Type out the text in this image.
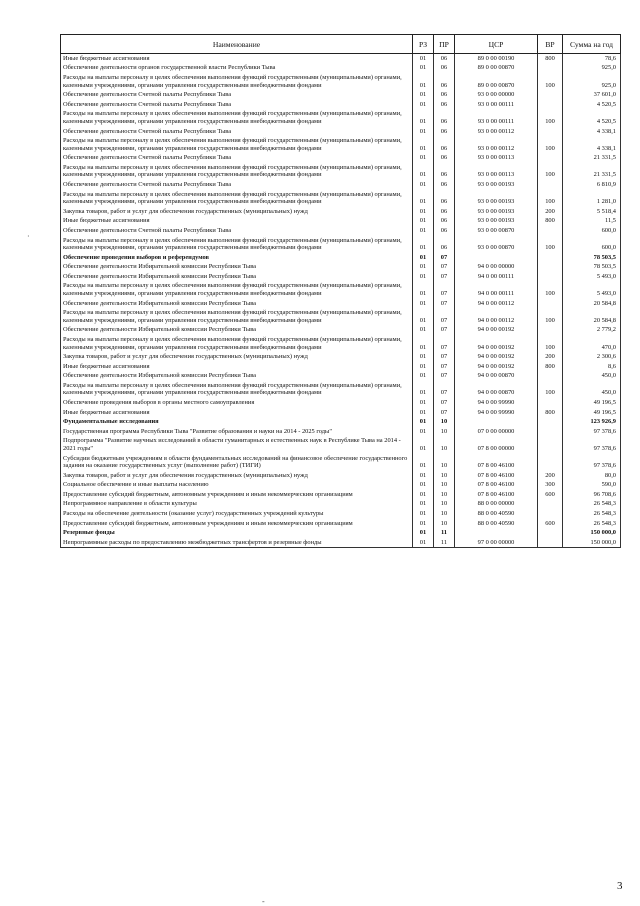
Наименование	РЗ	ПР	ЦСР	ВР	Сумма на год
Иные бюджетные ассигнования	01	06	89 0 00 00190	800	78,6
Обеспечение деятельности органов государственной власти Республики Тыва	01	06	89 0 00 00870		925,0
Расходы на выплаты персоналу в целях обеспечения выполнения функций государственными (муниципальными) органами, казенными учреждениями, органами управления государственными внебюджетными фондами	01	06	89 0 00 00870	100	925,0
Обеспечение деятельности Счетной палаты Республики Тыва	01	06	93 0 00 00000		37 601,0
Обеспечение деятельности Счетной палаты Республики Тыва	01	06	93 0 00 00111		4 520,5
Расходы на выплаты персоналу в целях обеспечения выполнения функций государственными (муниципальными) органами, казенными учреждениями, органами управления государственными внебюджетными фондами	01	06	93 0 00 00111	100	4 520,5
Обеспечение деятельности Счетной палаты Республики Тыва	01	06	93 0 00 00112		4 338,1
Расходы на выплаты персоналу в целях обеспечения выполнения функций государственными (муниципальными) органами, казенными учреждениями, органами управления государственными внебюджетными фондами	01	06	93 0 00 00112	100	4 338,1
Обеспечение деятельности Счетной палаты Республики Тыва	01	06	93 0 00 00113		21 331,5
Расходы на выплаты персоналу в целях обеспечения выполнения функций государственными (муниципальными) органами, казенными учреждениями, органами управления государственными внебюджетными фондами	01	06	93 0 00 00113	100	21 331,5
Обеспечение деятельности Счетной палаты Республики Тыва	01	06	93 0 00 00193		6 810,9
Расходы на выплаты персоналу в целях обеспечения выполнения функций государственными (муниципальными) органами, казенными учреждениями, органами управления государственными внебюджетными фондами	01	06	93 0 00 00193	100	1 281,0
Закупка товаров, работ и услуг для обеспечения государственных (муниципальных) нужд	01	06	93 0 00 00193	200	5 518,4
Иные бюджетные ассигнования	01	06	93 0 00 00193	800	11,5
Обеспечение деятельности Счетной палаты Республики Тыва	01	06	93 0 00 00870		600,0
Расходы на выплаты персоналу в целях обеспечения выполнения функций государственными (муниципальными) органами, казенными учреждениями, органами управления государственными внебюджетными фондами	01	06	93 0 00 00870	100	600,0
Обеспечение проведения выборов и референдумов	01	07			78 503,5
Обеспечение деятельности Избирательной комиссии Республики Тыва	01	07	94 0 00 00000		78 503,5
Обеспечение деятельности Избирательной комиссии Республики Тыва	01	07	94 0 00 00111		5 493,0
Расходы на выплаты персоналу в целях обеспечения выполнения функций государственными (муниципальными) органами, казенными учреждениями, органами управления государственными внебюджетными фондами	01	07	94 0 00 00111	100	5 493,0
Обеспечение деятельности Избирательной комиссии Республики Тыва	01	07	94 0 00 00112		20 584,8
Расходы на выплаты персоналу в целях обеспечения выполнения функций государственными (муниципальными) органами, казенными учреждениями, органами управления государственными внебюджетными фондами	01	07	94 0 00 00112	100	20 584,8
Обеспечение деятельности Избирательной комиссии Республики Тыва	01	07	94 0 00 00192		2 779,2
Расходы на выплаты персоналу в целях обеспечения выполнения функций государственными (муниципальными) органами, казенными учреждениями, органами управления государственными внебюджетными фондами	01	07	94 0 00 00192	100	470,0
Закупка товаров, работ и услуг для обеспечения государственных (муниципальных) нужд	01	07	94 0 00 00192	200	2 300,6
Иные бюджетные ассигнования	01	07	94 0 00 00192	800	8,6
Обеспечение деятельности Избирательной комиссии Республики Тыва	01	07	94 0 00 00870		450,0
Расходы на выплаты персоналу в целях обеспечения выполнения функций государственными (муниципальными) органами, казенными учреждениями, органами управления государственными внебюджетными фондами	01	07	94 0 00 00870	100	450,0
Обеспечение проведения выборов в органы местного самоуправления	01	07	94 0 00 99990		49 196,5
Иные бюджетные ассигнования	01	07	94 0 00 99990	800	49 196,5
Фундаментальные исследования	01	10			123 926,9
Государственная программа Республики Тыва "Развитие образования и науки на 2014 - 2025 годы"	01	10	07 0 00 00000		97 378,6
Подпрограмма "Развитие научных исследований в области гуманитарных и естественных наук в Республике Тыва на 2014 - 2021 годы"	01	10	07 8 00 00000		97 378,6
Субсидии бюджетным учреждениям в области фундаментальных исследований на финансовое обеспечение государственного задания на оказание государственных услуг (выполнение работ) (ТИГИ)	01	10	07 8 00 46100		97 378,6
Закупка товаров, работ и услуг для обеспечения государственных (муниципальных) нужд	01	10	07 8 00 46100	200	80,0
Социальное обеспечение и иные выплаты населению	01	10	07 8 00 46100	300	590,0
Предоставление субсидий бюджетным, автономным учреждениям и иным некоммерческим организациям	01	10	07 8 00 46100	600	96 708,6
Непрограммное направление в области культуры	01	10	88 0 00 00000		26 548,3
Расходы на обеспечение деятельности (оказание услуг) государственных учреждений культуры	01	10	88 0 00 40590		26 548,3
Предоставление субсидий бюджетным, автономным учреждениям и иным некоммерческим организациям	01	10	88 0 00 40590	600	26 548,3
Резервные фонды	01	11			150 000,0
Непрограммные расходы по предоставлению межбюджетных трансфертов и резервные фонды	01	11	97 0 00 00000		150 000,0
3
·
-
